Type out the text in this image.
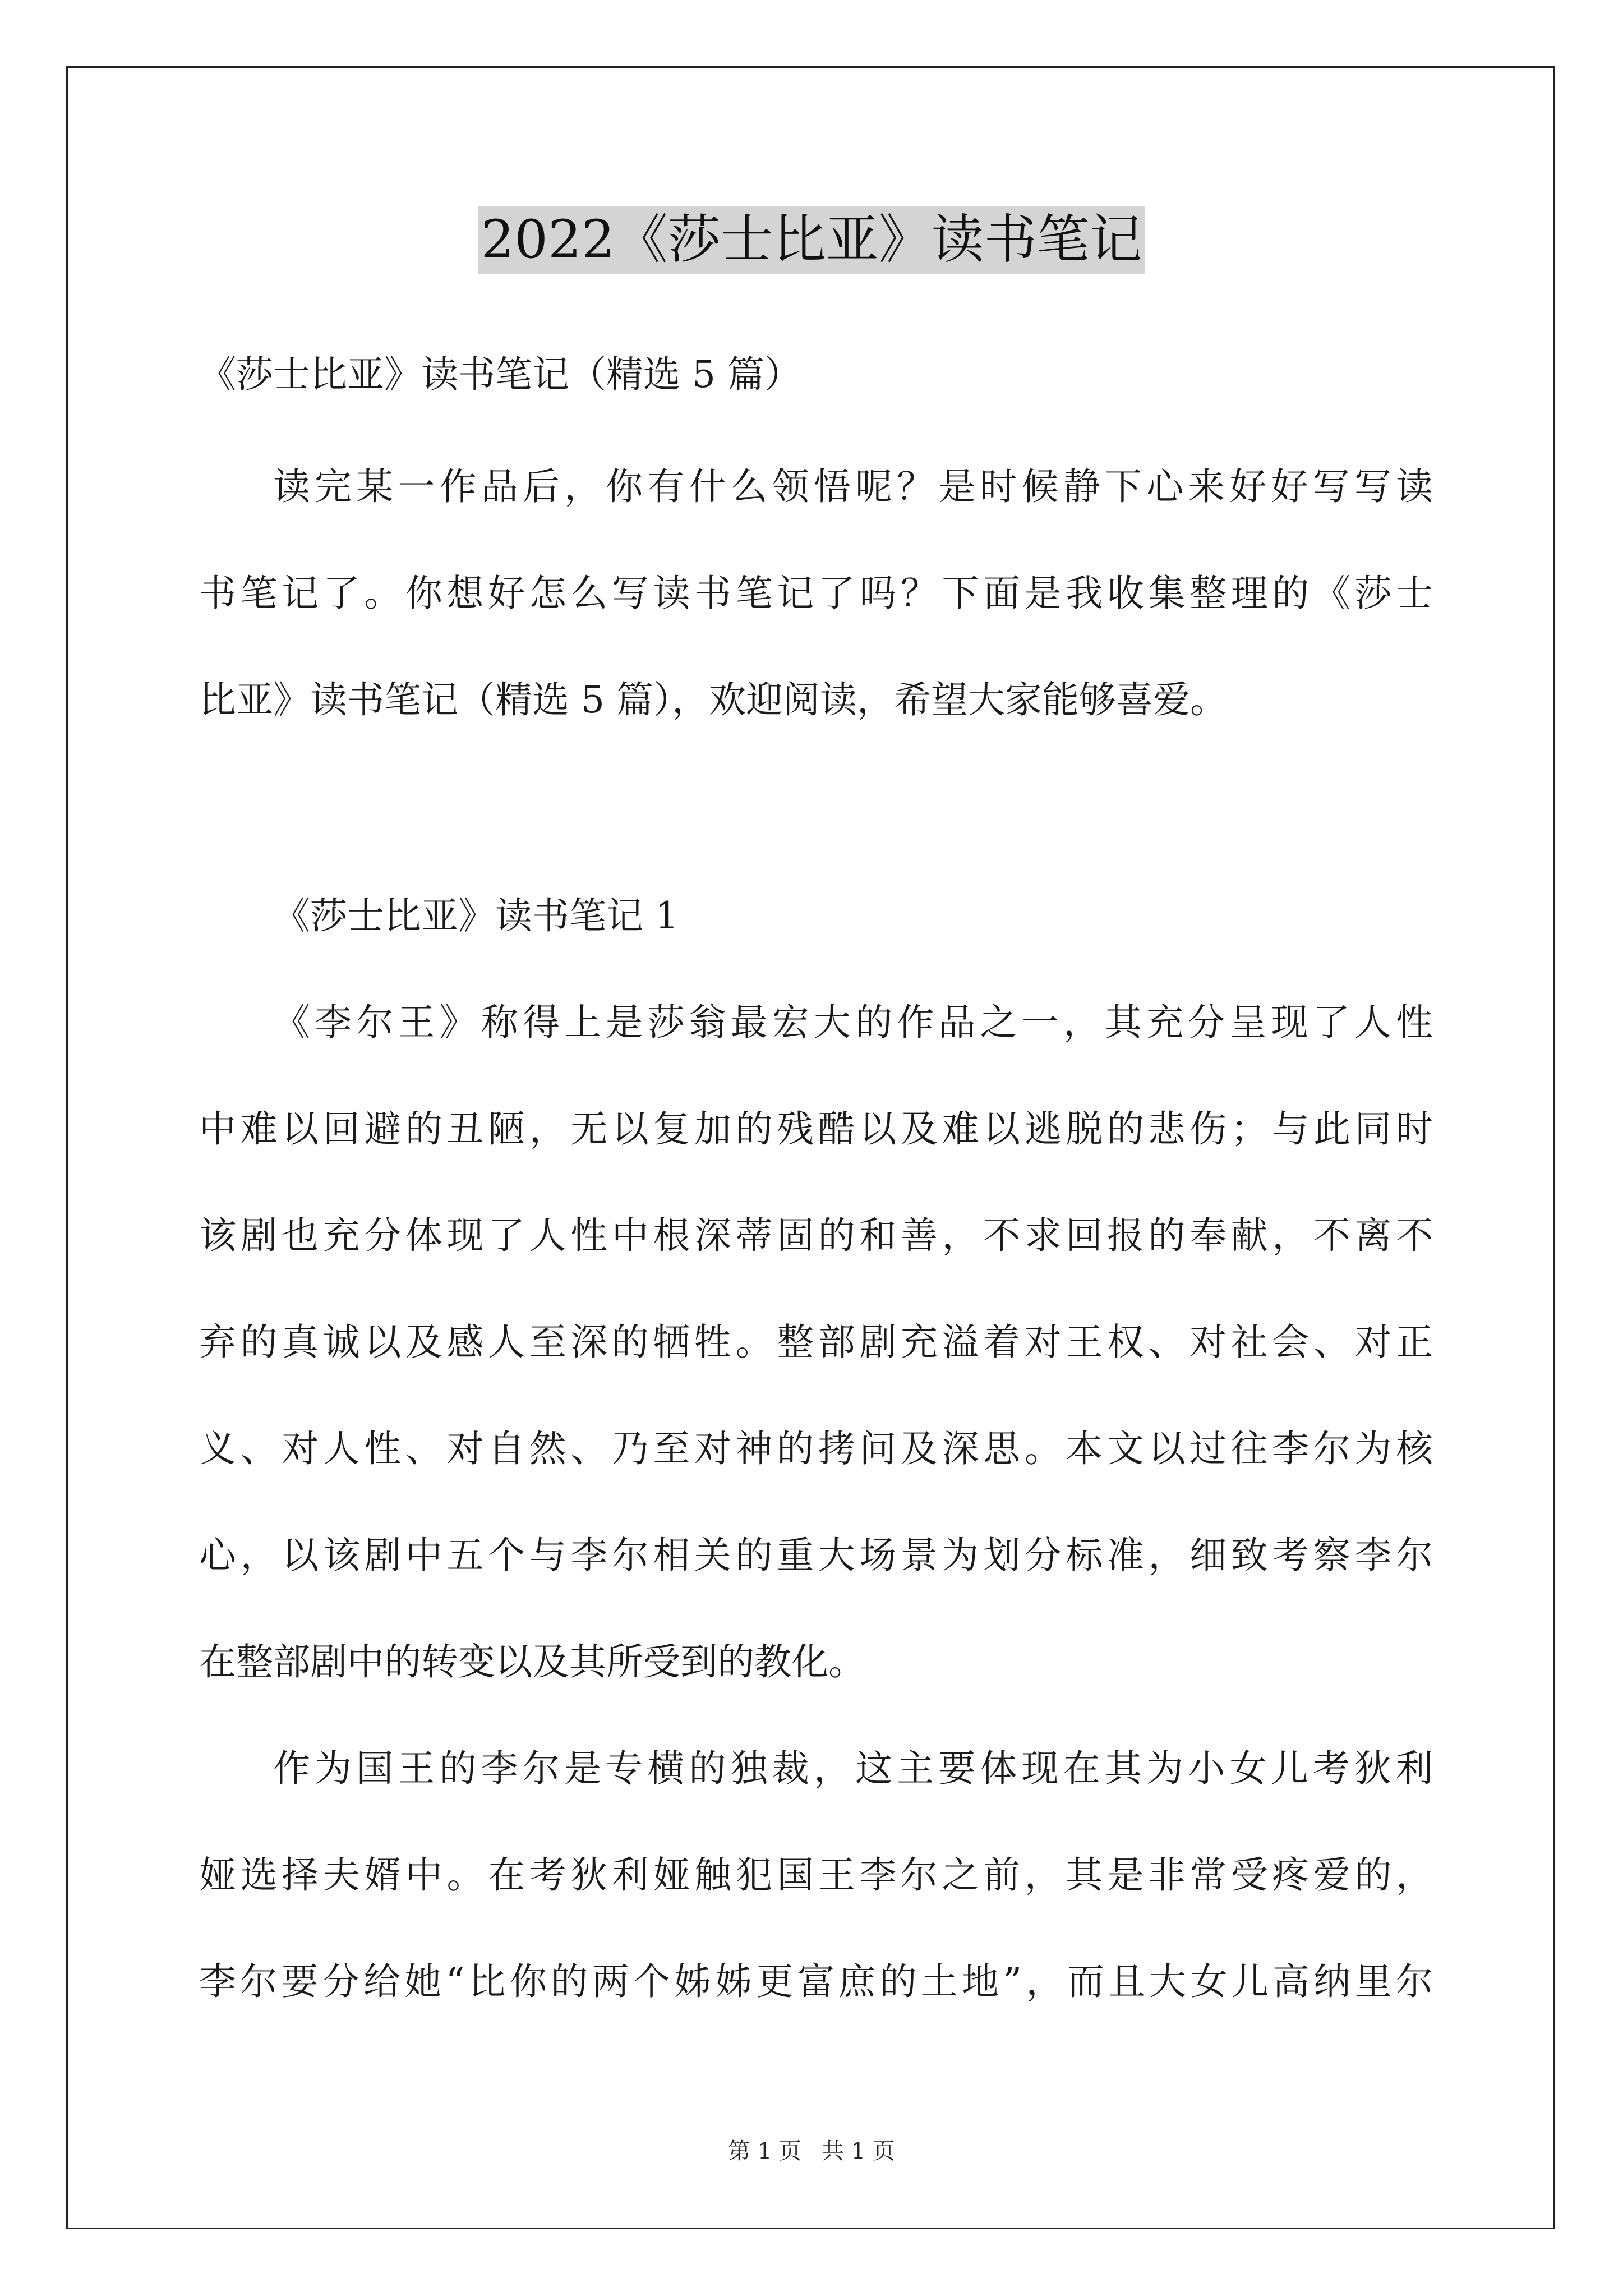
2022《莎士比亚》读书笔记
《莎士比亚》读书笔记（精选 5 篇）
读完某一作品后，你有什么领悟呢？是时候静下心来好好写写读
书笔记了。你想好怎么写读书笔记了吗？下面是我收集整理的《莎士
比亚》读书笔记（精选 5 篇），欢迎阅读，希望大家能够喜爱。
《莎士比亚》读书笔记 1
《李尔王》称得上是莎翁最宏大的作品之一，其充分呈现了人性
中难以回避的丑陋，无以复加的残酷以及难以逃脱的悲伤；与此同时
该剧也充分体现了人性中根深蒂固的和善，不求回报的奉献，不离不
弃的真诚以及感人至深的牺牲。整部剧充溢着对王权、对社会、对正
义、对人性、对自然、乃至对神的拷问及深思。本文以过往李尔为核
心，以该剧中五个与李尔相关的重大场景为划分标准，细致考察李尔
在整部剧中的转变以及其所受到的教化。
作为国王的李尔是专横的独裁，这主要体现在其为小女儿考狄利
娅选择夫婿中。在考狄利娅触犯国王李尔之前，其是非常受疼爱的，
李尔要分给她“比你的两个姊姊更富庶的土地”，而且大女儿高纳里尔
第 1 页 共 1 页
